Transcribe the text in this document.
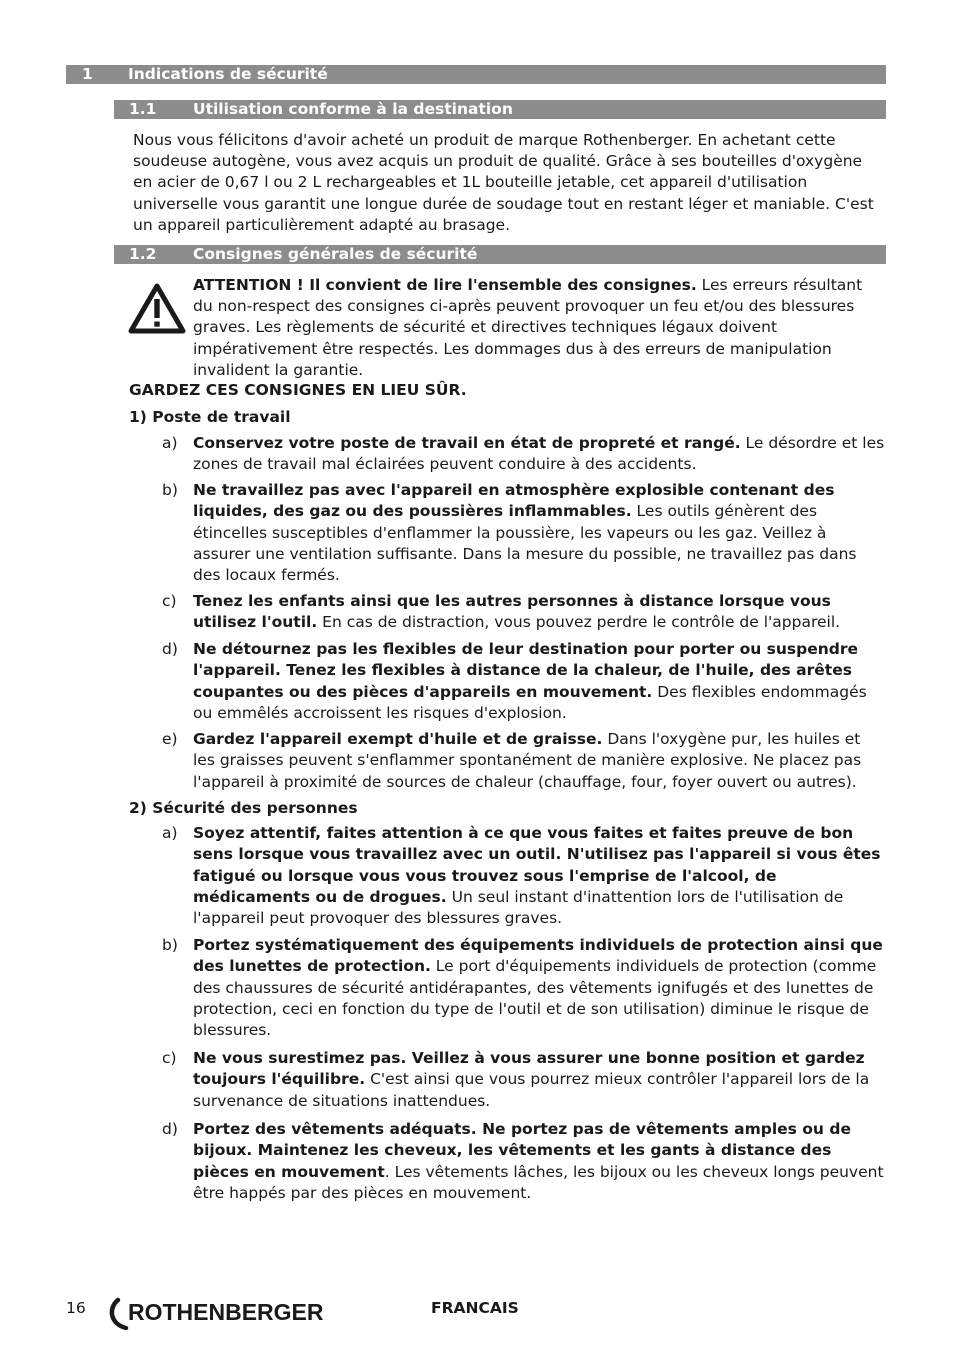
1 Indications de sécurité
1.1 Utilisation conforme à la destination
Nous vous félicitons d'avoir acheté un produit de marque Rothenberger. En achetant cette soudeuse autogène, vous avez acquis un produit de qualité. Grâce à ses bouteilles d'oxygène en acier de 0,67 l ou 2 L rechargeables et 1L bouteille jetable, cet appareil d'utilisation universelle vous garantit une longue durée de soudage tout en restant léger et maniable. C'est un appareil particulièrement adapté au brasage.
1.2 Consignes générales de sécurité
ATTENTION ! Il convient de lire l'ensemble des consignes. Les erreurs résultant du non-respect des consignes ci-après peuvent provoquer un feu et/ou des blessures graves. Les règlements de sécurité et directives techniques légaux doivent impérativement être respectés. Les dommages dus à des erreurs de manipulation invalident la garantie.
GARDEZ CES CONSIGNES EN LIEU SÛR.
1) Poste de travail
a) Conservez votre poste de travail en état de propreté et rangé. Le désordre et les zones de travail mal éclairées peuvent conduire à des accidents.
b) Ne travaillez pas avec l'appareil en atmosphère explosible contenant des liquides, des gaz ou des poussières inflammables. Les outils génèrent des étincelles susceptibles d'enflammer la poussière, les vapeurs ou les gaz. Veillez à assurer une ventilation suffisante. Dans la mesure du possible, ne travaillez pas dans des locaux fermés.
c) Tenez les enfants ainsi que les autres personnes à distance lorsque vous utilisez l'outil. En cas de distraction, vous pouvez perdre le contrôle de l'appareil.
d) Ne détournez pas les flexibles de leur destination pour porter ou suspendre l'appareil. Tenez les flexibles à distance de la chaleur, de l'huile, des arêtes coupantes ou des pièces d'appareils en mouvement. Des flexibles endommagés ou emmêlés accroissent les risques d'explosion.
e) Gardez l'appareil exempt d'huile et de graisse. Dans l'oxygène pur, les huiles et les graisses peuvent s'enflammer spontanément de manière explosive. Ne placez pas l'appareil à proximité de sources de chaleur (chauffage, four, foyer ouvert ou autres).
2) Sécurité des personnes
a) Soyez attentif, faites attention à ce que vous faites et faites preuve de bon sens lorsque vous travaillez avec un outil. N'utilisez pas l'appareil si vous êtes fatigué ou lorsque vous vous trouvez sous l'emprise de l'alcool, de médicaments ou de drogues. Un seul instant d'inattention lors de l'utilisation de l'appareil peut provoquer des blessures graves.
b) Portez systématiquement des équipements individuels de protection ainsi que des lunettes de protection. Le port d'équipements individuels de protection (comme des chaussures de sécurité antidérapantes, des vêtements ignifugés et des lunettes de protection, ceci en fonction du type de l'outil et de son utilisation) diminue le risque de blessures.
c) Ne vous surestimez pas. Veillez à vous assurer une bonne position et gardez toujours l'équilibre. C'est ainsi que vous pourrez mieux contrôler l'appareil lors de la survenance de situations inattendues.
d) Portez des vêtements adéquats. Ne portez pas de vêtements amples ou de bijoux. Maintenez les cheveux, les vêtements et les gants à distance des pièces en mouvement. Les vêtements lâches, les bijoux ou les cheveux longs peuvent être happés par des pièces en mouvement.
16 ROTHENBERGER	FRANCAIS
